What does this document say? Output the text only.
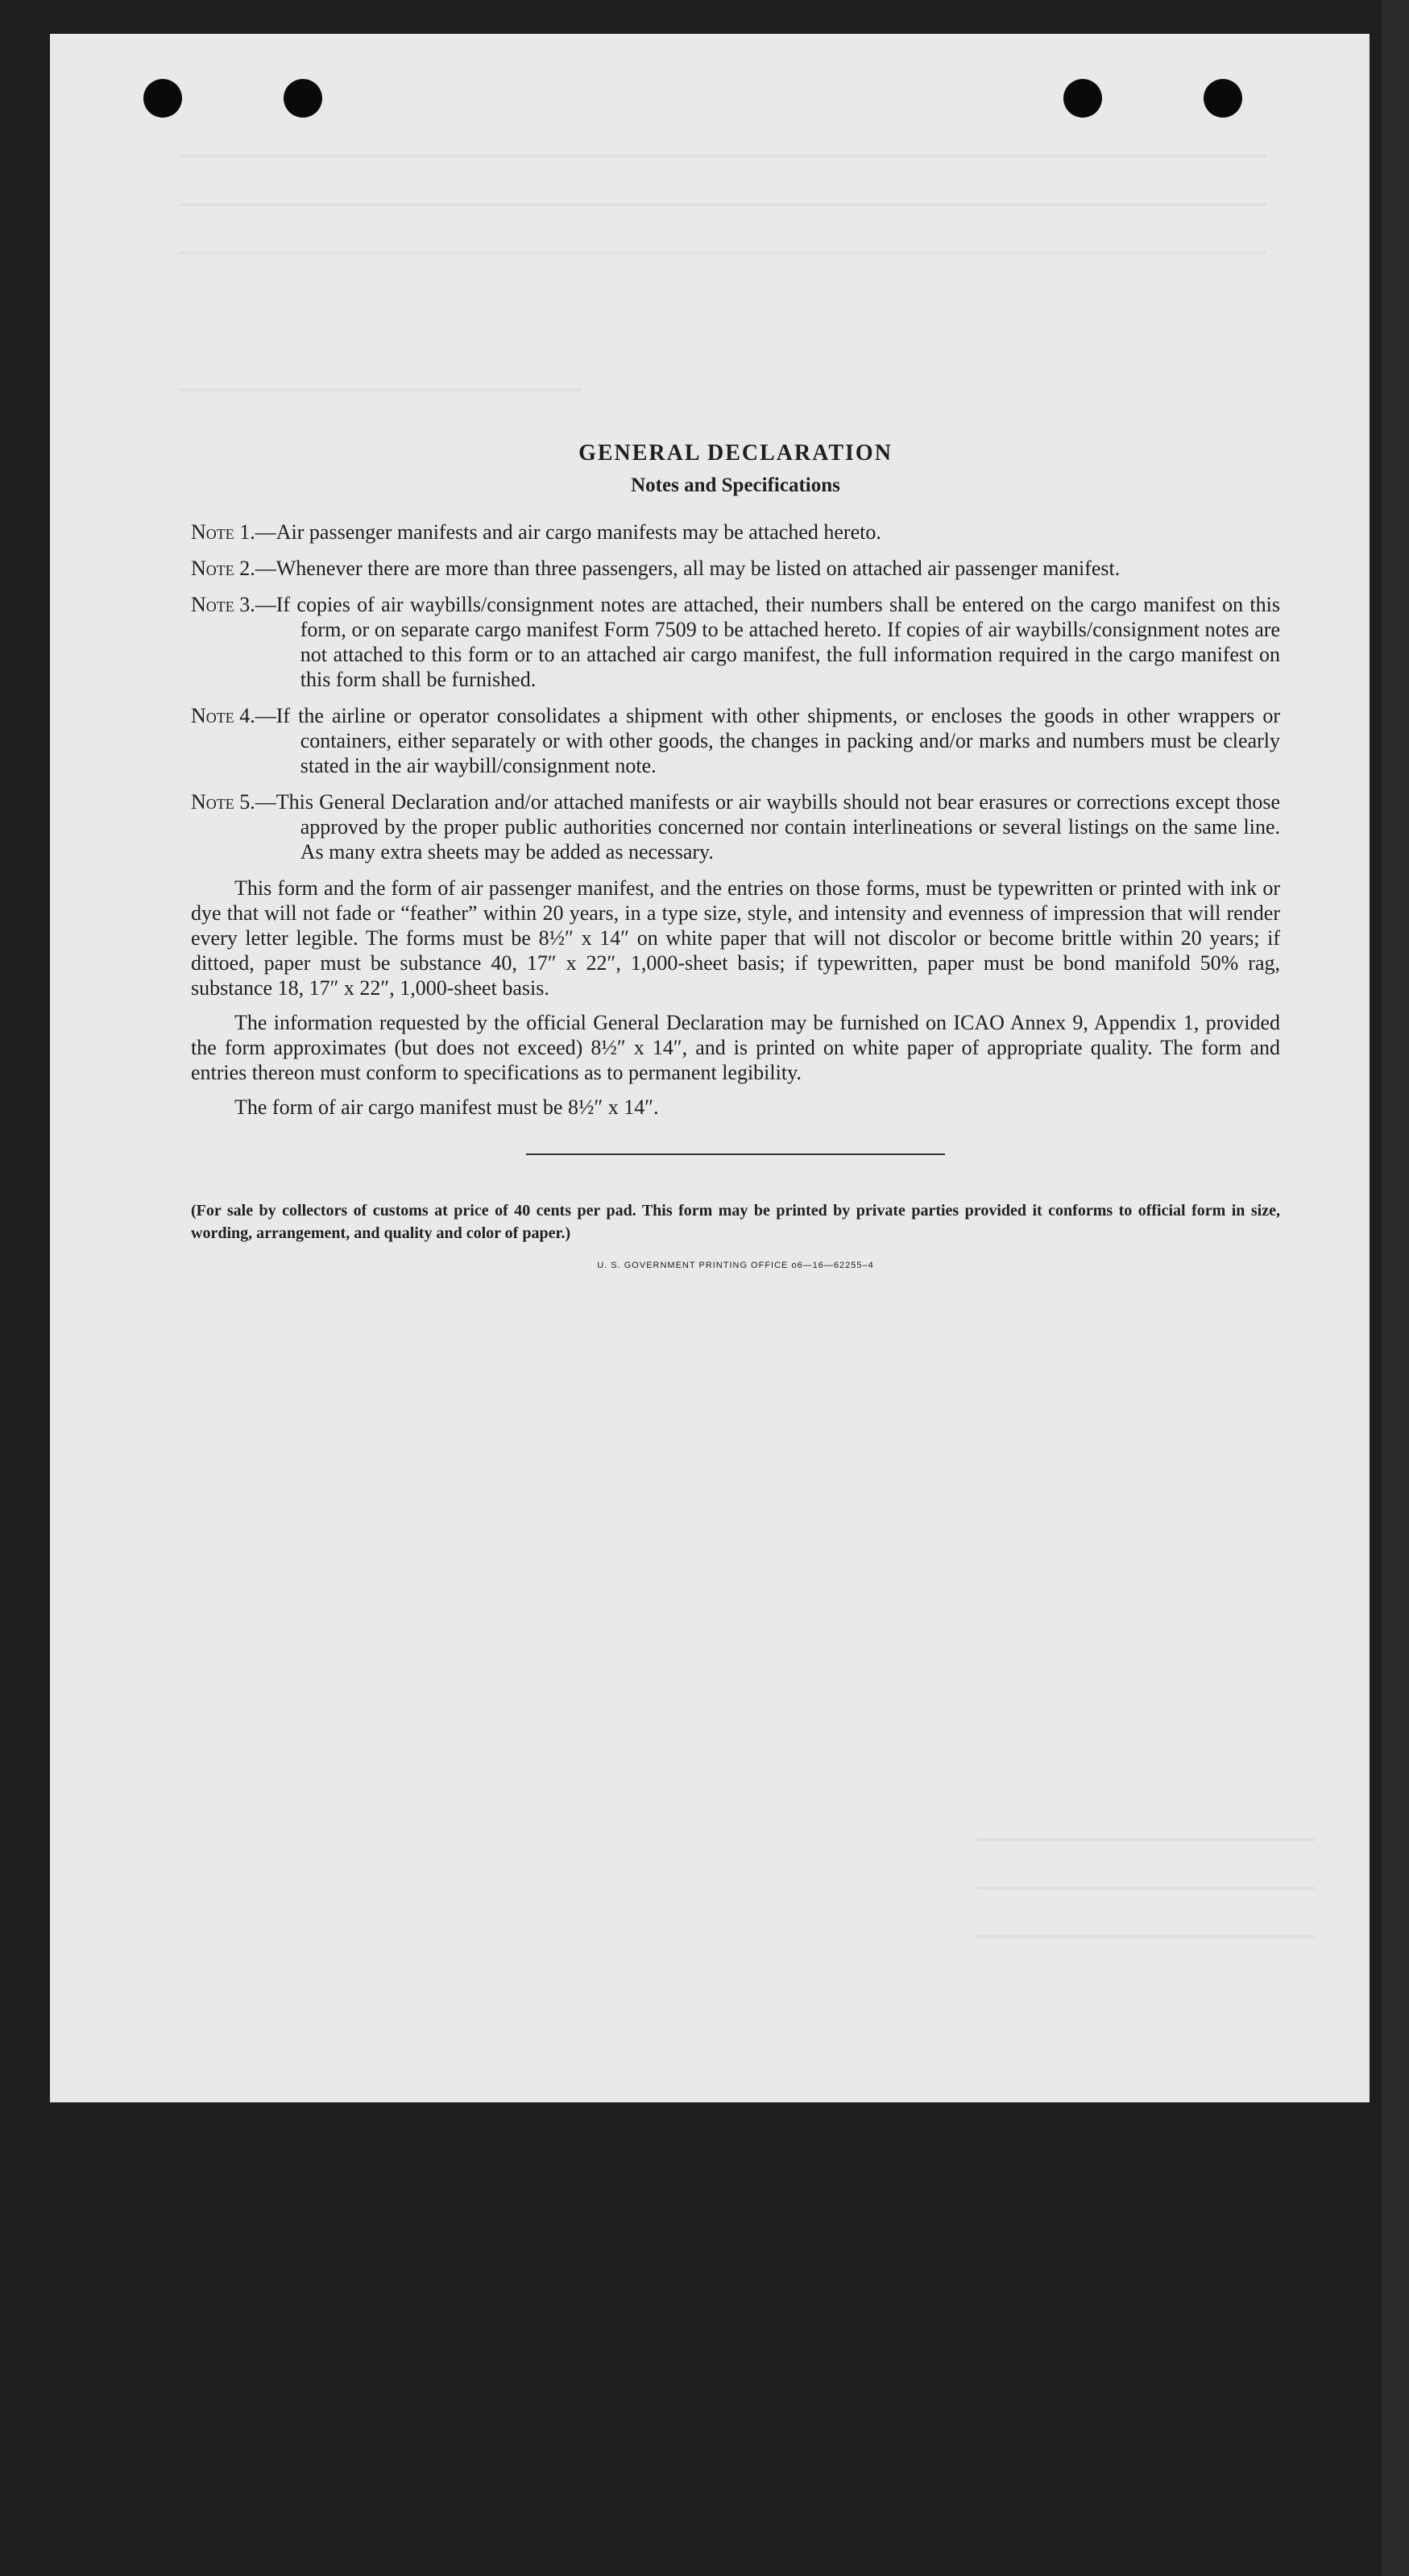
GENERAL DECLARATION
Notes and Specifications
Note 1.— Air passenger manifests and air cargo manifests may be attached hereto.
Note 2.— Whenever there are more than three passengers, all may be listed on attached air passenger manifest.
Note 3.— If copies of air waybills/consignment notes are attached, their numbers shall be entered on the cargo manifest on this form, or on separate cargo manifest Form 7509 to be attached hereto. If copies of air waybills/consignment notes are not attached to this form or to an attached air cargo manifest, the full information required in the cargo manifest on this form shall be furnished.
Note 4.— If the airline or operator consolidates a shipment with other shipments, or encloses the goods in other wrappers or containers, either separately or with other goods, the changes in packing and/or marks and numbers must be clearly stated in the air waybill/consignment note.
Note 5.— This General Declaration and/or attached manifests or air waybills should not bear erasures or corrections except those approved by the proper public authorities concerned nor contain interlineations or several listings on the same line. As many extra sheets may be added as necessary.

This form and the form of air passenger manifest, and the entries on those forms, must be typewritten or printed with ink or dye that will not fade or “feather” within 20 years, in a type size, style, and intensity and evenness of impression that will render every letter legible. The forms must be 8½″ x 14″ on white paper that will not discolor or become brittle within 20 years; if dittoed, paper must be substance 40, 17″ x 22″, 1,000-sheet basis; if typewritten, paper must be bond manifold 50% rag, substance 18, 17″ x 22″, 1,000-sheet basis.

The information requested by the official General Declaration may be furnished on ICAO Annex 9, Appendix 1, provided the form approximates (but does not exceed) 8½″ x 14″, and is printed on white paper of appropriate quality. The form and entries thereon must conform to specifications as to permanent legibility.

The form of air cargo manifest must be 8½″ x 14″.

(For sale by collectors of customs at price of 40 cents per pad. This form may be printed by private parties provided it conforms to official form in size, wording, arrangement, and quality and color of paper.)

U. S. GOVERNMENT PRINTING OFFICE o6—16—62255–4
